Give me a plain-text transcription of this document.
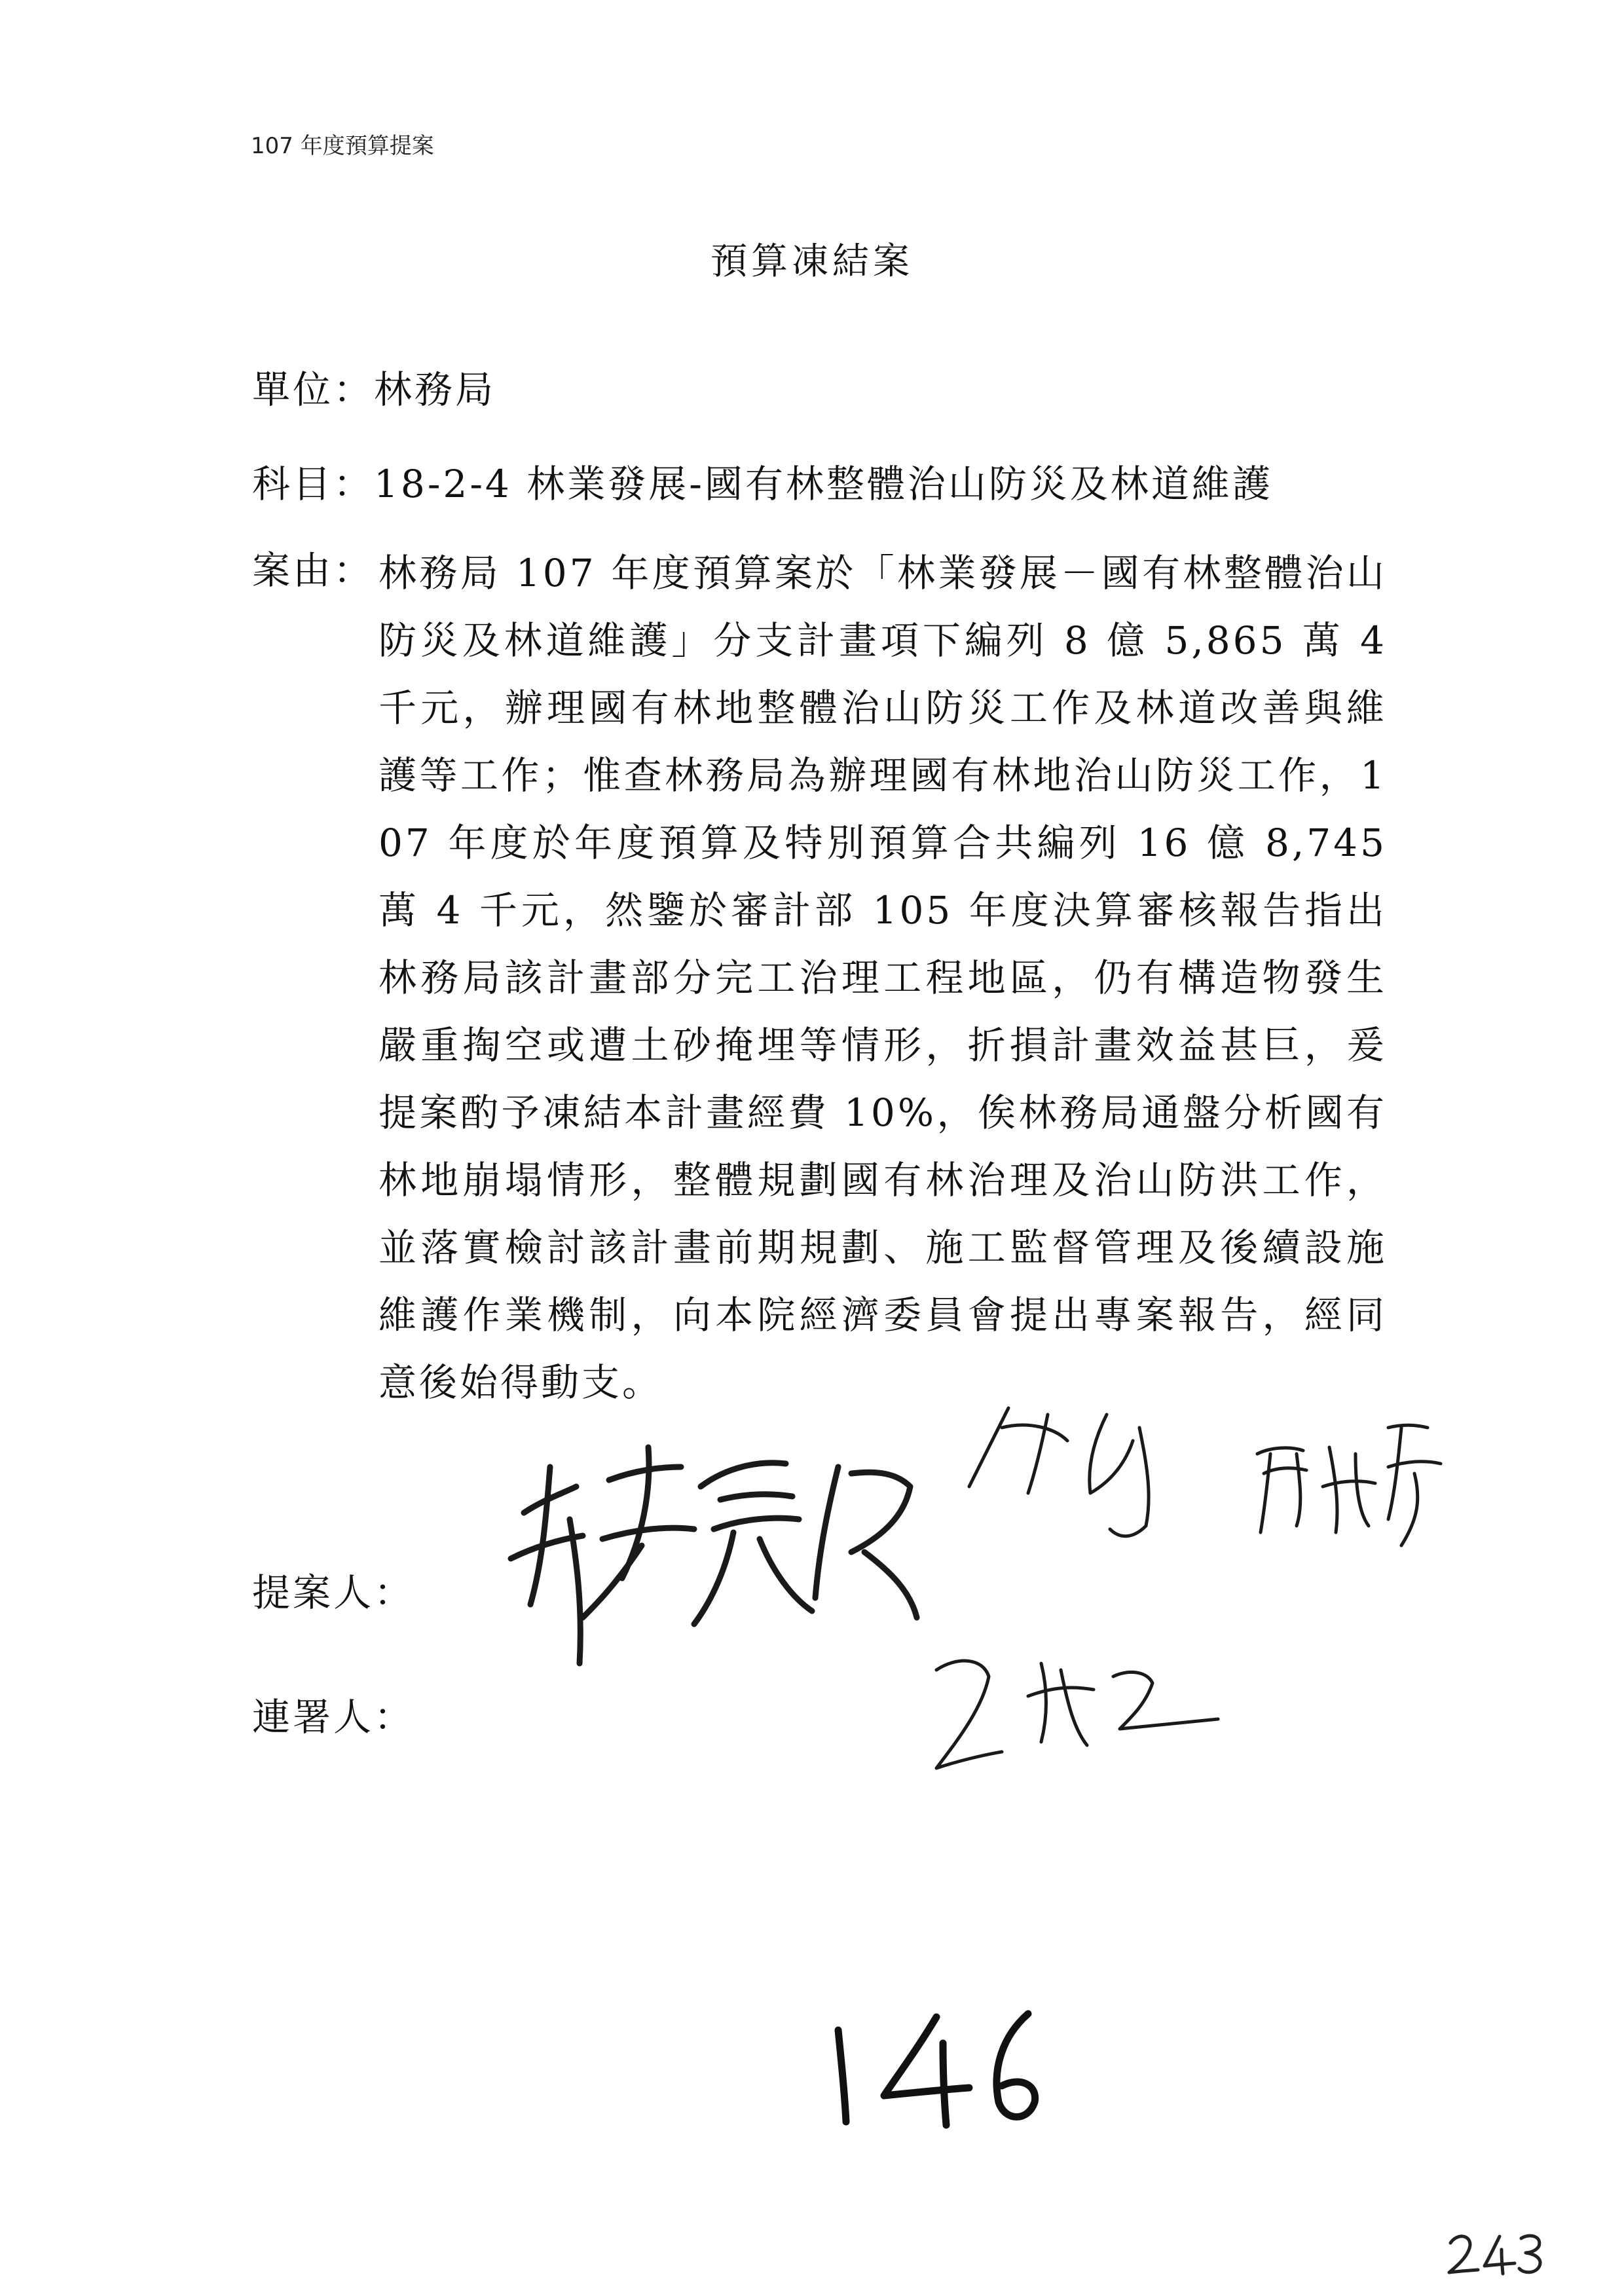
107 年度預算提案
預算凍結案
單位：林務局
科目：18-2-4 林業發展-國有林整體治山防災及林道維護
案由： 林務局 107 年度預算案於「林業發展－國有林整體治山防災及林道維護」分支計畫項下編列 8 億 5,865 萬 4 千元，辦理國有林地整體治山防災工作及林道改善與維護等工作；惟查林務局為辦理國有林地治山防災工作，107 年度於年度預算及特別預算合共編列 16 億 8,745 萬 4 千元，然鑒於審計部 105 年度決算審核報告指出林務局該計畫部分完工治理工程地區，仍有構造物發生嚴重掏空或遭土砂掩埋等情形，折損計畫效益甚巨，爰提案酌予凍結本計畫經費 10%，俟林務局通盤分析國有林地崩塌情形，整體規劃國有林治理及治山防洪工作，並落實檢討該計畫前期規劃、施工監督管理及後續設施維護作業機制，向本院經濟委員會提出專案報告，經同意後始得動支。
提案人：
連署人：
